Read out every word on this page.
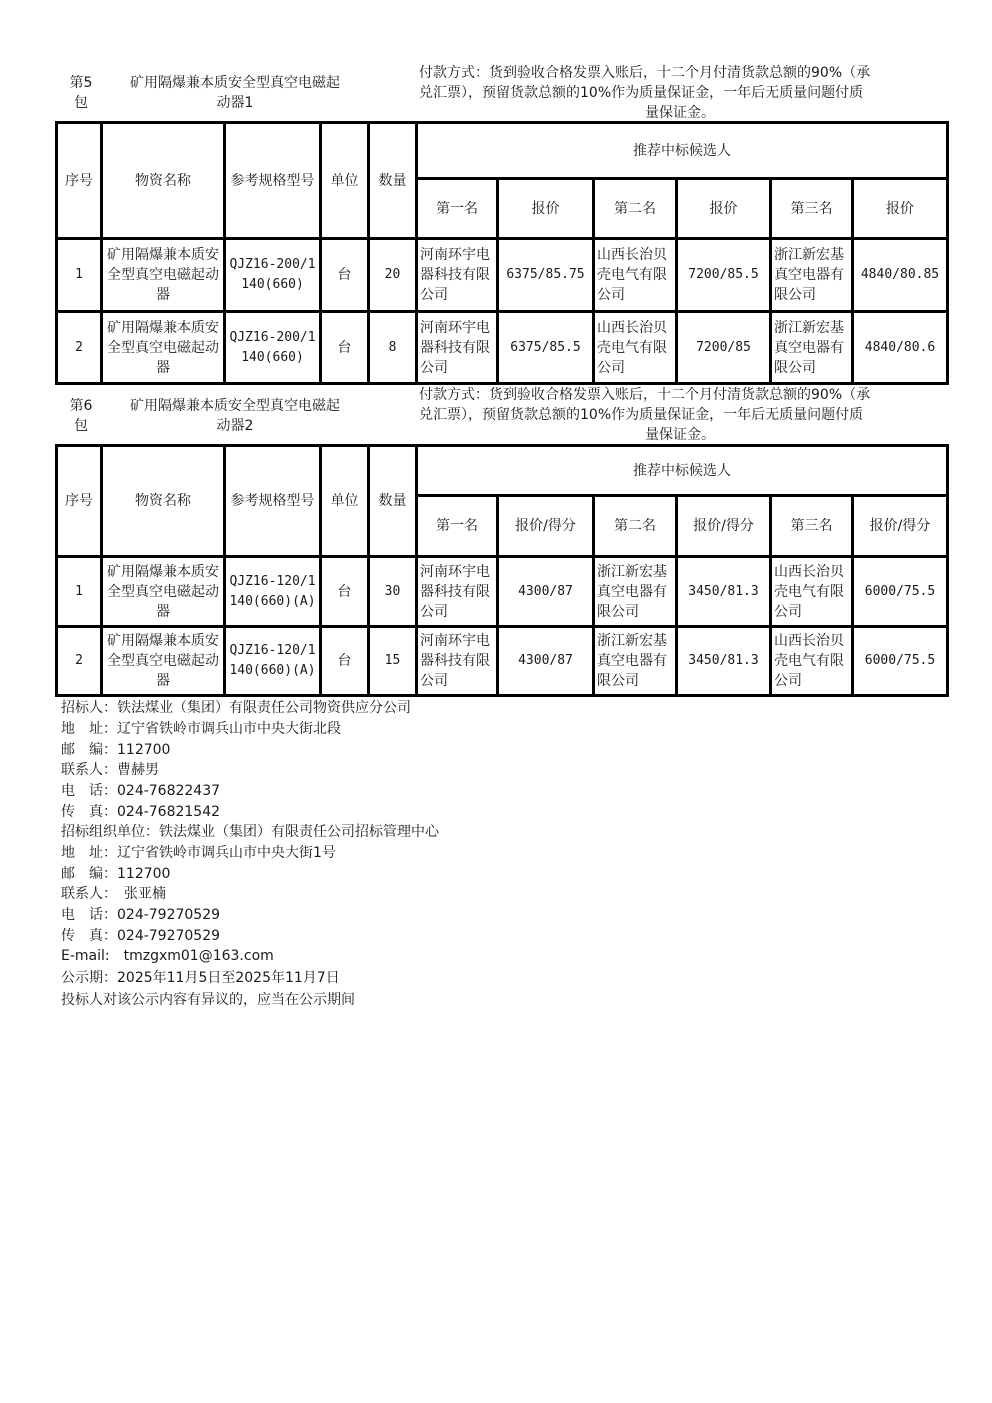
第5
包
矿用隔爆兼本质安全型真空电磁起
动器1
付款方式：货到验收合格发票入账后，十二个月付清货款总额的90%（承
兑汇票），预留货款总额的10%作为质量保证金，一年后无质量问题付质
量保证金。
序号	物资名称	参考规格型号	单位	数量	推荐中标候选人					
					第一名	报价	第二名	报价	第三名	报价
1	矿用隔爆兼本质安全型真空电磁起动器	QJZ16-200/1140(660)	台	20	河南环宇电器科技有限公司	6375/85.75	山西长治贝壳电气有限公司	7200/85.5	浙江新宏基真空电器有限公司	4840/80.85
2	矿用隔爆兼本质安全型真空电磁起动器	QJZ16-200/1140(660)	台	8	河南环宇电器科技有限公司	6375/85.5	山西长治贝壳电气有限公司	7200/85	浙江新宏基真空电器有限公司	4840/80.6
第6
包
矿用隔爆兼本质安全型真空电磁起
动器2
付款方式：货到验收合格发票入账后，十二个月付清货款总额的90%（承
兑汇票），预留货款总额的10%作为质量保证金，一年后无质量问题付质
量保证金。
序号	物资名称	参考规格型号	单位	数量	推荐中标候选人					
					第一名	报价/得分	第二名	报价/得分	第三名	报价/得分
1	矿用隔爆兼本质安全型真空电磁起动器	QJZ16-120/1140(660)(A)	台	30	河南环宇电器科技有限公司	4300/87	浙江新宏基真空电器有限公司	3450/81.3	山西长治贝壳电气有限公司	6000/75.5
2	矿用隔爆兼本质安全型真空电磁起动器	QJZ16-120/1140(660)(A)	台	15	河南环宇电器科技有限公司	4300/87	浙江新宏基真空电器有限公司	3450/81.3	山西长治贝壳电气有限公司	6000/75.5
招标人：铁法煤业（集团）有限责任公司物资供应分公司
地　址：辽宁省铁岭市调兵山市中央大街北段
邮　编：112700
联系人：曹赫男
电　话：024-76822437
传　真：024-76821542
招标组织单位：铁法煤业（集团）有限责任公司招标管理中心
地　址：辽宁省铁岭市调兵山市中央大街1号
邮　编：112700
联系人：　张亚楠
电　话：024-79270529
传　真：024-79270529
E-mail:　tmzgxm01@163.com
公示期：2025年11月5日至2025年11月7日
投标人对该公示内容有异议的，应当在公示期间
